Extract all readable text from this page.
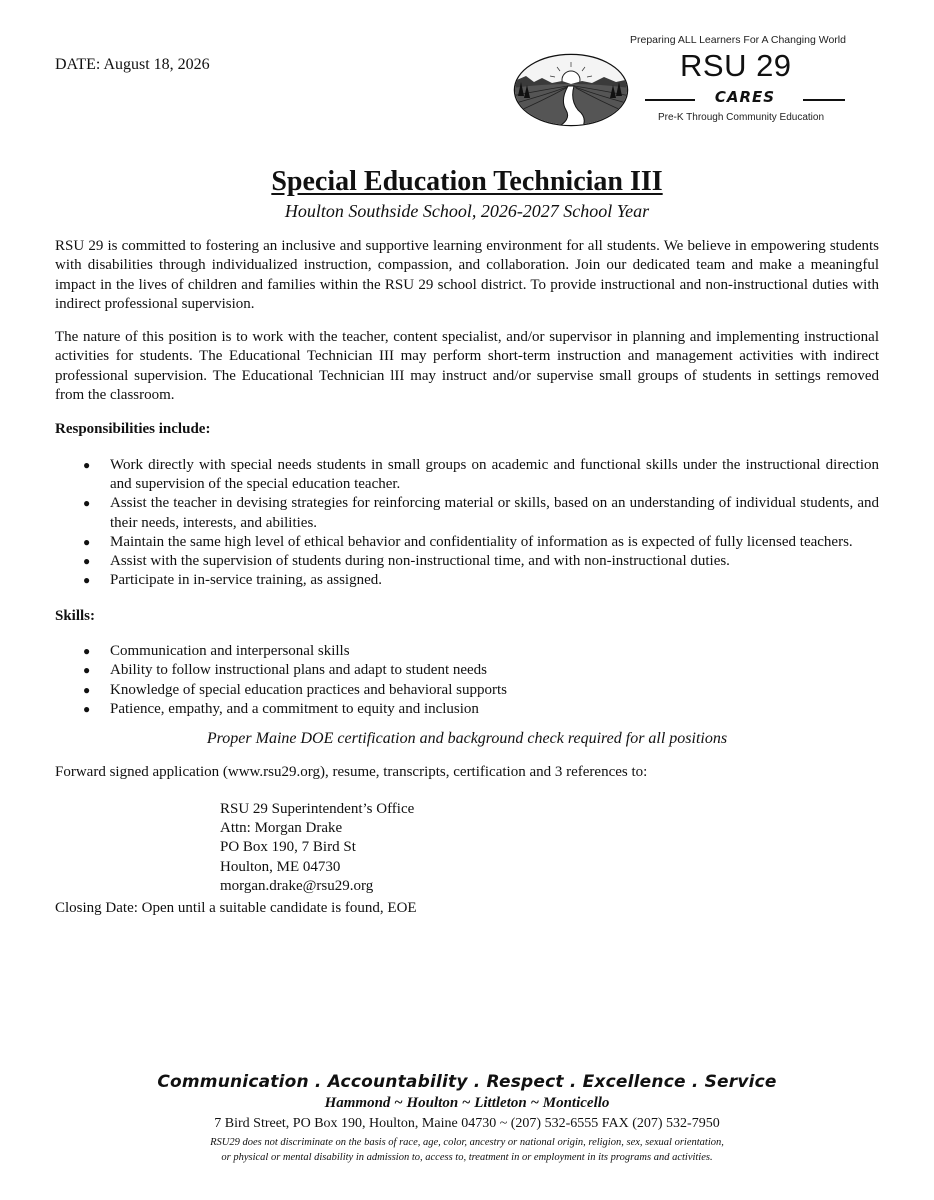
DATE: August 18, 2026
Preparing ALL Learners For A Changing World
RSU 29
CARES
Pre-K Through Community Education
Special Education Technician III
Houlton Southside School, 2026-2027 School Year

RSU 29 is committed to fostering an inclusive and supportive learning environment for all students. We believe in empowering students with disabilities through individualized instruction, compassion, and collaboration. Join our dedicated team and make a meaningful impact in the lives of children and families within the RSU 29 school district. To provide instructional and non-instructional duties with indirect professional supervision.

The nature of this position is to work with the teacher, content specialist, and/or supervisor in planning and implementing instructional activities for students. The Educational Technician III may perform short-term instruction and management activities with indirect professional supervision. The Educational Technician lII may instruct and/or supervise small groups of students in settings removed from the classroom.

Responsibilities include:

● Work directly with special needs students in small groups on academic and functional skills under the instructional direction and supervision of the special education teacher.
● Assist the teacher in devising strategies for reinforcing material or skills, based on an understanding of individual students, and their needs, interests, and abilities.
● Maintain the same high level of ethical behavior and confidentiality of information as is expected of fully licensed teachers.
● Assist with the supervision of students during non-instructional time, and with non-instructional duties.
● Participate in in-service training, as assigned.

Skills:

● Communication and interpersonal skills
● Ability to follow instructional plans and adapt to student needs
● Knowledge of special education practices and behavioral supports
● Patience, empathy, and a commitment to equity and inclusion

Proper Maine DOE certification and background check required for all positions

Forward signed application (www.rsu29.org), resume, transcripts, certification and 3 references to:

RSU 29 Superintendent’s Office
Attn: Morgan Drake
PO Box 190, 7 Bird St
Houlton, ME 04730
morgan.drake@rsu29.org

Closing Date: Open until a suitable candidate is found, EOE

Communication . Accountability . Respect . Excellence . Service
Hammond ~ Houlton ~ Littleton ~ Monticello
7 Bird Street, PO Box 190, Houlton, Maine 04730 ~ (207) 532-6555 FAX (207) 532-7950
RSU29 does not discriminate on the basis of race, age, color, ancestry or national origin, religion, sex, sexual orientation,
or physical or mental disability in admission to, access to, treatment in or employment in its programs and activities.
